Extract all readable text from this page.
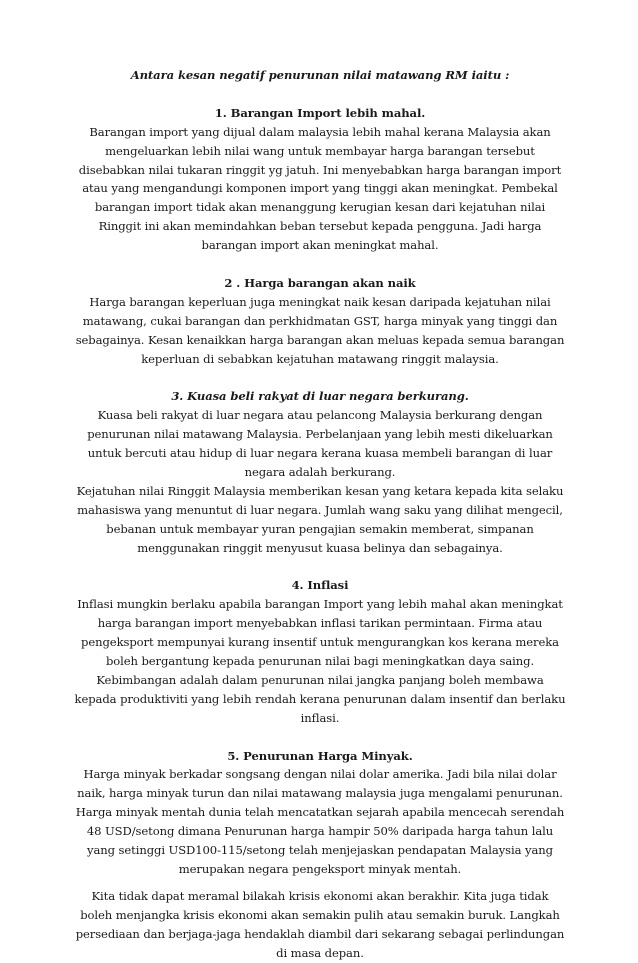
Antara kesan negatif penurunan nilai matawang RM iaitu :

1. Barangan Import lebih mahal.

Barangan import yang dijual dalam malaysia lebih mahal kerana Malaysia akan mengeluarkan lebih nilai wang untuk membayar harga barangan tersebut disebabkan nilai tukaran ringgit yg jatuh. Ini menyebabkan harga barangan import atau yang mengandungi komponen import yang tinggi akan meningkat. Pembekal barangan import tidak akan menanggung kerugian kesan dari kejatuhan nilai Ringgit ini akan memindahkan beban tersebut kepada pengguna. Jadi harga barangan import akan meningkat mahal.

2 . Harga barangan akan naik

Harga barangan keperluan juga meningkat naik kesan daripada kejatuhan nilai matawang, cukai barangan dan perkhidmatan GST, harga minyak yang tinggi dan sebagainya. Kesan kenaikkan harga barangan akan meluas kepada semua barangan keperluan di sebabkan kejatuhan matawang ringgit malaysia.

3. Kuasa beli rakyat di luar negara berkurang.

Kuasa beli rakyat di luar negara atau pelancong Malaysia berkurang dengan penurunan nilai matawang Malaysia. Perbelanjaan yang lebih mesti dikeluarkan untuk bercuti atau hidup di luar negara kerana kuasa membeli barangan di luar negara adalah berkurang.

Kejatuhan nilai Ringgit Malaysia memberikan kesan yang ketara kepada kita selaku mahasiswa yang menuntut di luar negara. Jumlah wang saku yang dilihat mengecil, bebanan untuk membayar yuran pengajian semakin memberat, simpanan menggunakan ringgit menyusut kuasa belinya dan sebagainya.

4. Inflasi

Inflasi mungkin berlaku apabila barangan Import yang lebih mahal akan meningkat harga barangan import menyebabkan inflasi tarikan permintaan. Firma atau pengeksport mempunyai kurang insentif untuk mengurangkan kos kerana mereka boleh bergantung kepada penurunan nilai bagi meningkatkan daya saing.

Kebimbangan adalah dalam penurunan nilai jangka panjang boleh membawa kepada produktiviti yang lebih rendah kerana penurunan dalam insentif dan berlaku inflasi.

5. Penurunan Harga Minyak.

Harga minyak berkadar songsang dengan nilai dolar amerika. Jadi bila nilai dolar naik, harga minyak turun dan nilai matawang malaysia juga mengalami penurunan. Harga minyak mentah dunia telah mencatatkan sejarah apabila mencecah serendah 48 USD/setong dimana Penurunan harga hampir 50% daripada harga tahun lalu yang setinggi USD100-115/setong telah menjejaskan pendapatan Malaysia yang merupakan negara pengeksport minyak mentah.

Kita tidak dapat meramal bilakah krisis ekonomi akan berakhir. Kita juga tidak boleh menjangka krisis ekonomi akan semakin pulih atau semakin buruk. Langkah persediaan dan berjaga-jaga hendaklah diambil dari sekarang sebagai perlindungan di masa depan.
